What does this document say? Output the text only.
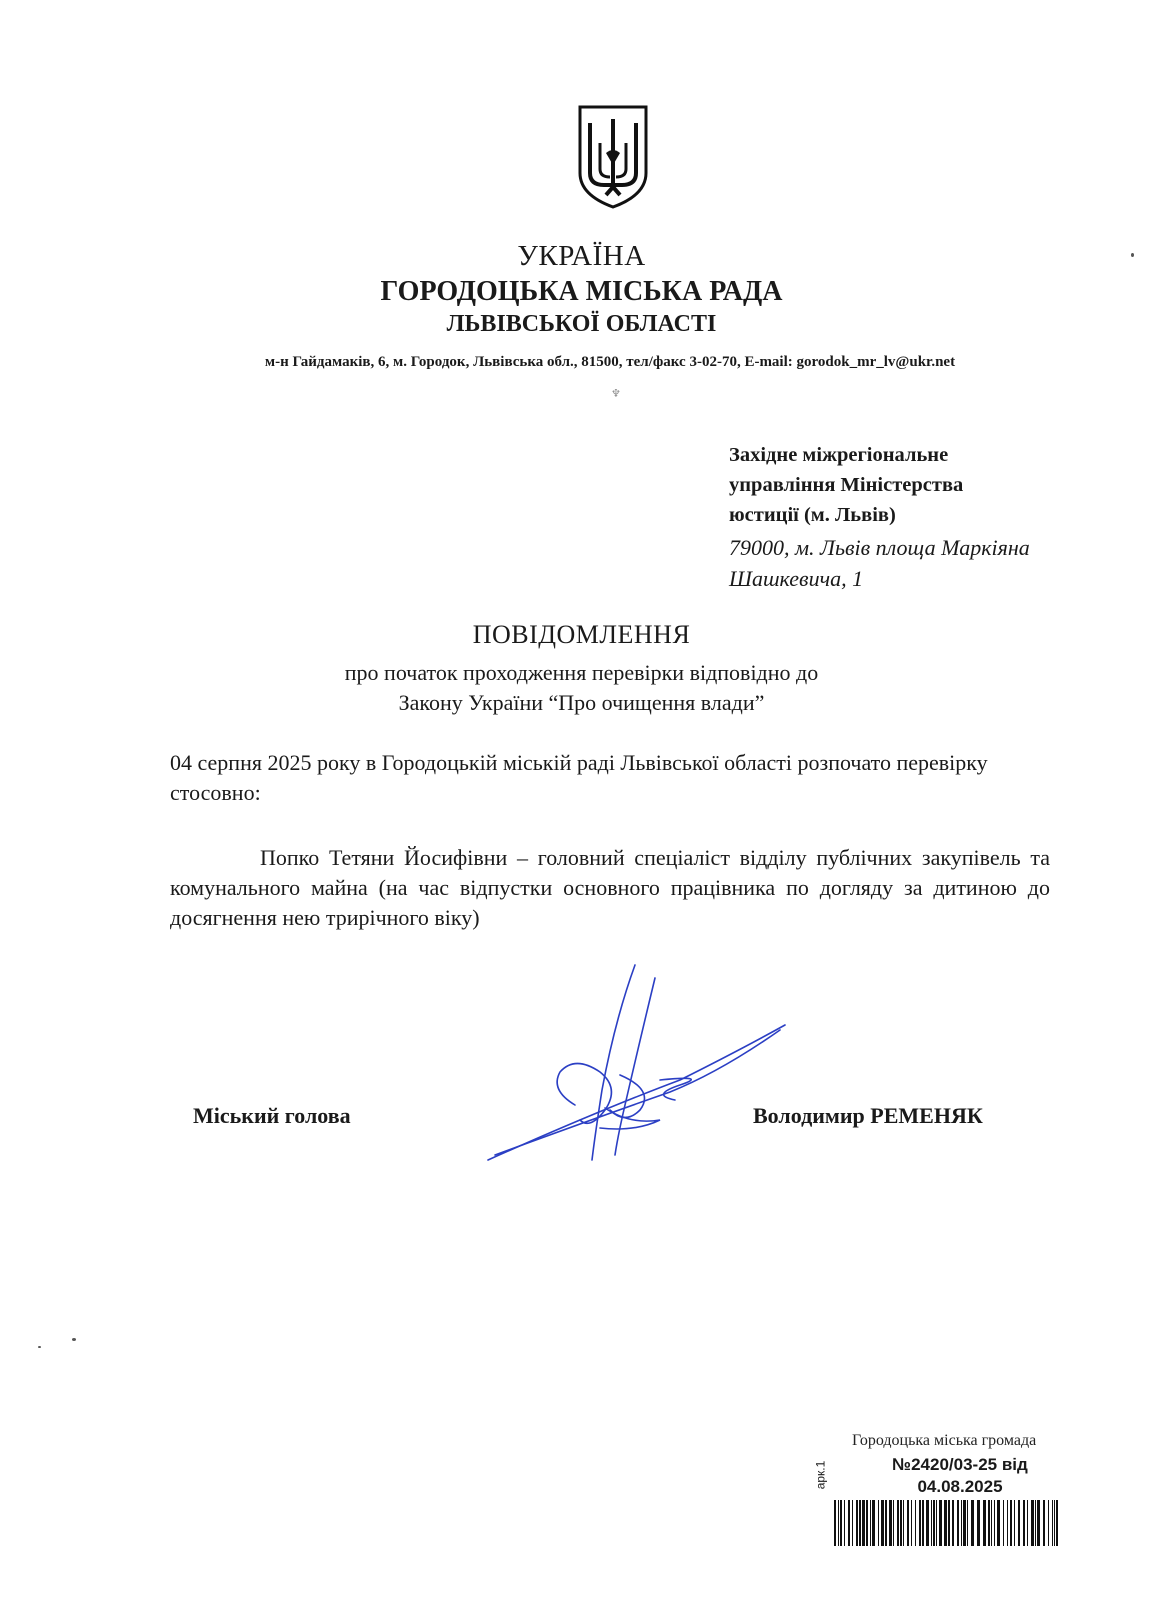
УКРАЇНА
ГОРОДОЦЬКА МІСЬКА РАДА
ЛЬВІВСЬКОЇ ОБЛАСТІ
м-н Гайдамаків, 6, м. Городок, Львівська обл., 81500, тел/факс 3-02-70, E-mail: gorodok_mr_lv@ukr.net
♆
Західне міжрегіональне
управління Міністерства
юстиції (м. Львів)
79000, м. Львів площа Маркіяна
Шашкевича, 1
ПОВІДОМЛЕННЯ
про початок проходження перевірки відповідно до
Закону України “Про очищення влади”
04 серпня 2025 року в Городоцькій міській раді Львівської області розпочато перевірку стосовно:
Попко Тетяни Йосифівни – головний спеціаліст відділу публічних закупівель та комунального майна (на час відпустки основного працівника по догляду за дитиною до досягнення нею трирічного віку)
Міський голова	Володимир РЕМЕНЯК
Городоцька міська громада
№2420/03-25 від
04.08.2025
арк.1
